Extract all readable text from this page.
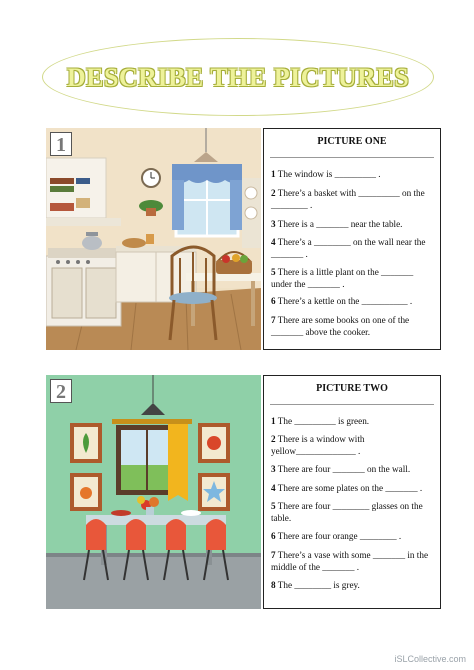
DESCRIBE THE PICTURES
1	PICTURE ONE
1 The window is _________ .
2 There’s a basket with _________ on the ________ .
3 There is a _______ near the table.
4 There’s a ________ on the wall near the _______ .
5 There is a little plant on the _______ under the _______ .
6 There’s a kettle on the __________ .
7 There are some books on one of the _______ above the cooker.
2	PICTURE TWO
1 The _________ is green.
2 There is a window with yellow_____________ .
3 There are four _______ on the wall.
4 There are some plates on the _______ .
5 There are four ________ glasses on the table.
6 There are four orange ________ .
7 There’s a vase with some _______ in the middle of the _______ .
8 The ________ is grey.
iSLCollective.com
